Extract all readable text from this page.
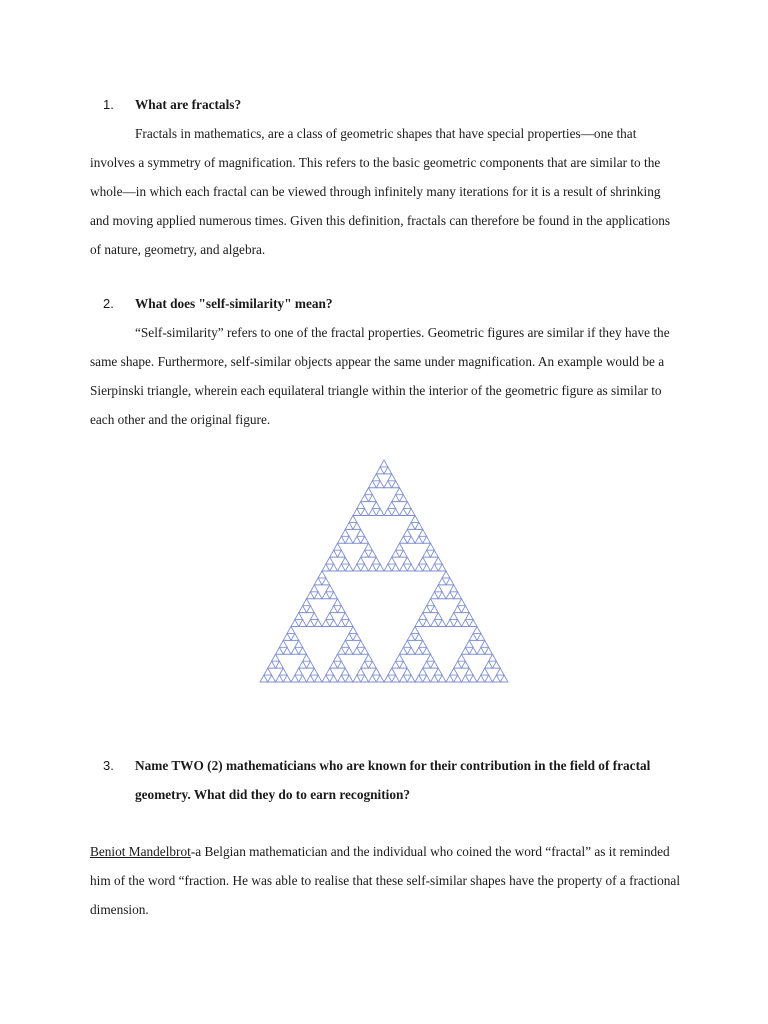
1.	What are fractals?

Fractals in mathematics, are a class of geometric shapes that have special properties—one that involves a symmetry of magnification. This refers to the basic geometric components that are similar to the whole—in which each fractal can be viewed through infinitely many iterations for it is a result of shrinking and moving applied numerous times. Given this definition, fractals can therefore be found in the applications of nature, geometry, and algebra.

2.	What does "self-similarity" mean?

“Self-similarity” refers to one of the fractal properties. Geometric figures are similar if they have the same shape. Furthermore, self-similar objects appear the same under magnification. An example would be a Sierpinski triangle, wherein each equilateral triangle within the interior of the geometric figure as similar to each other and the original figure.

3.	Name TWO (2) mathematicians who are known for their contribution in the field of fractal geometry. What did they do to earn recognition?

Beniot Mandelbrot-a Belgian mathematician and the individual who coined the word “fractal” as it reminded him of the word “fraction. He was able to realise that these self-similar shapes have the property of a fractional dimension.
